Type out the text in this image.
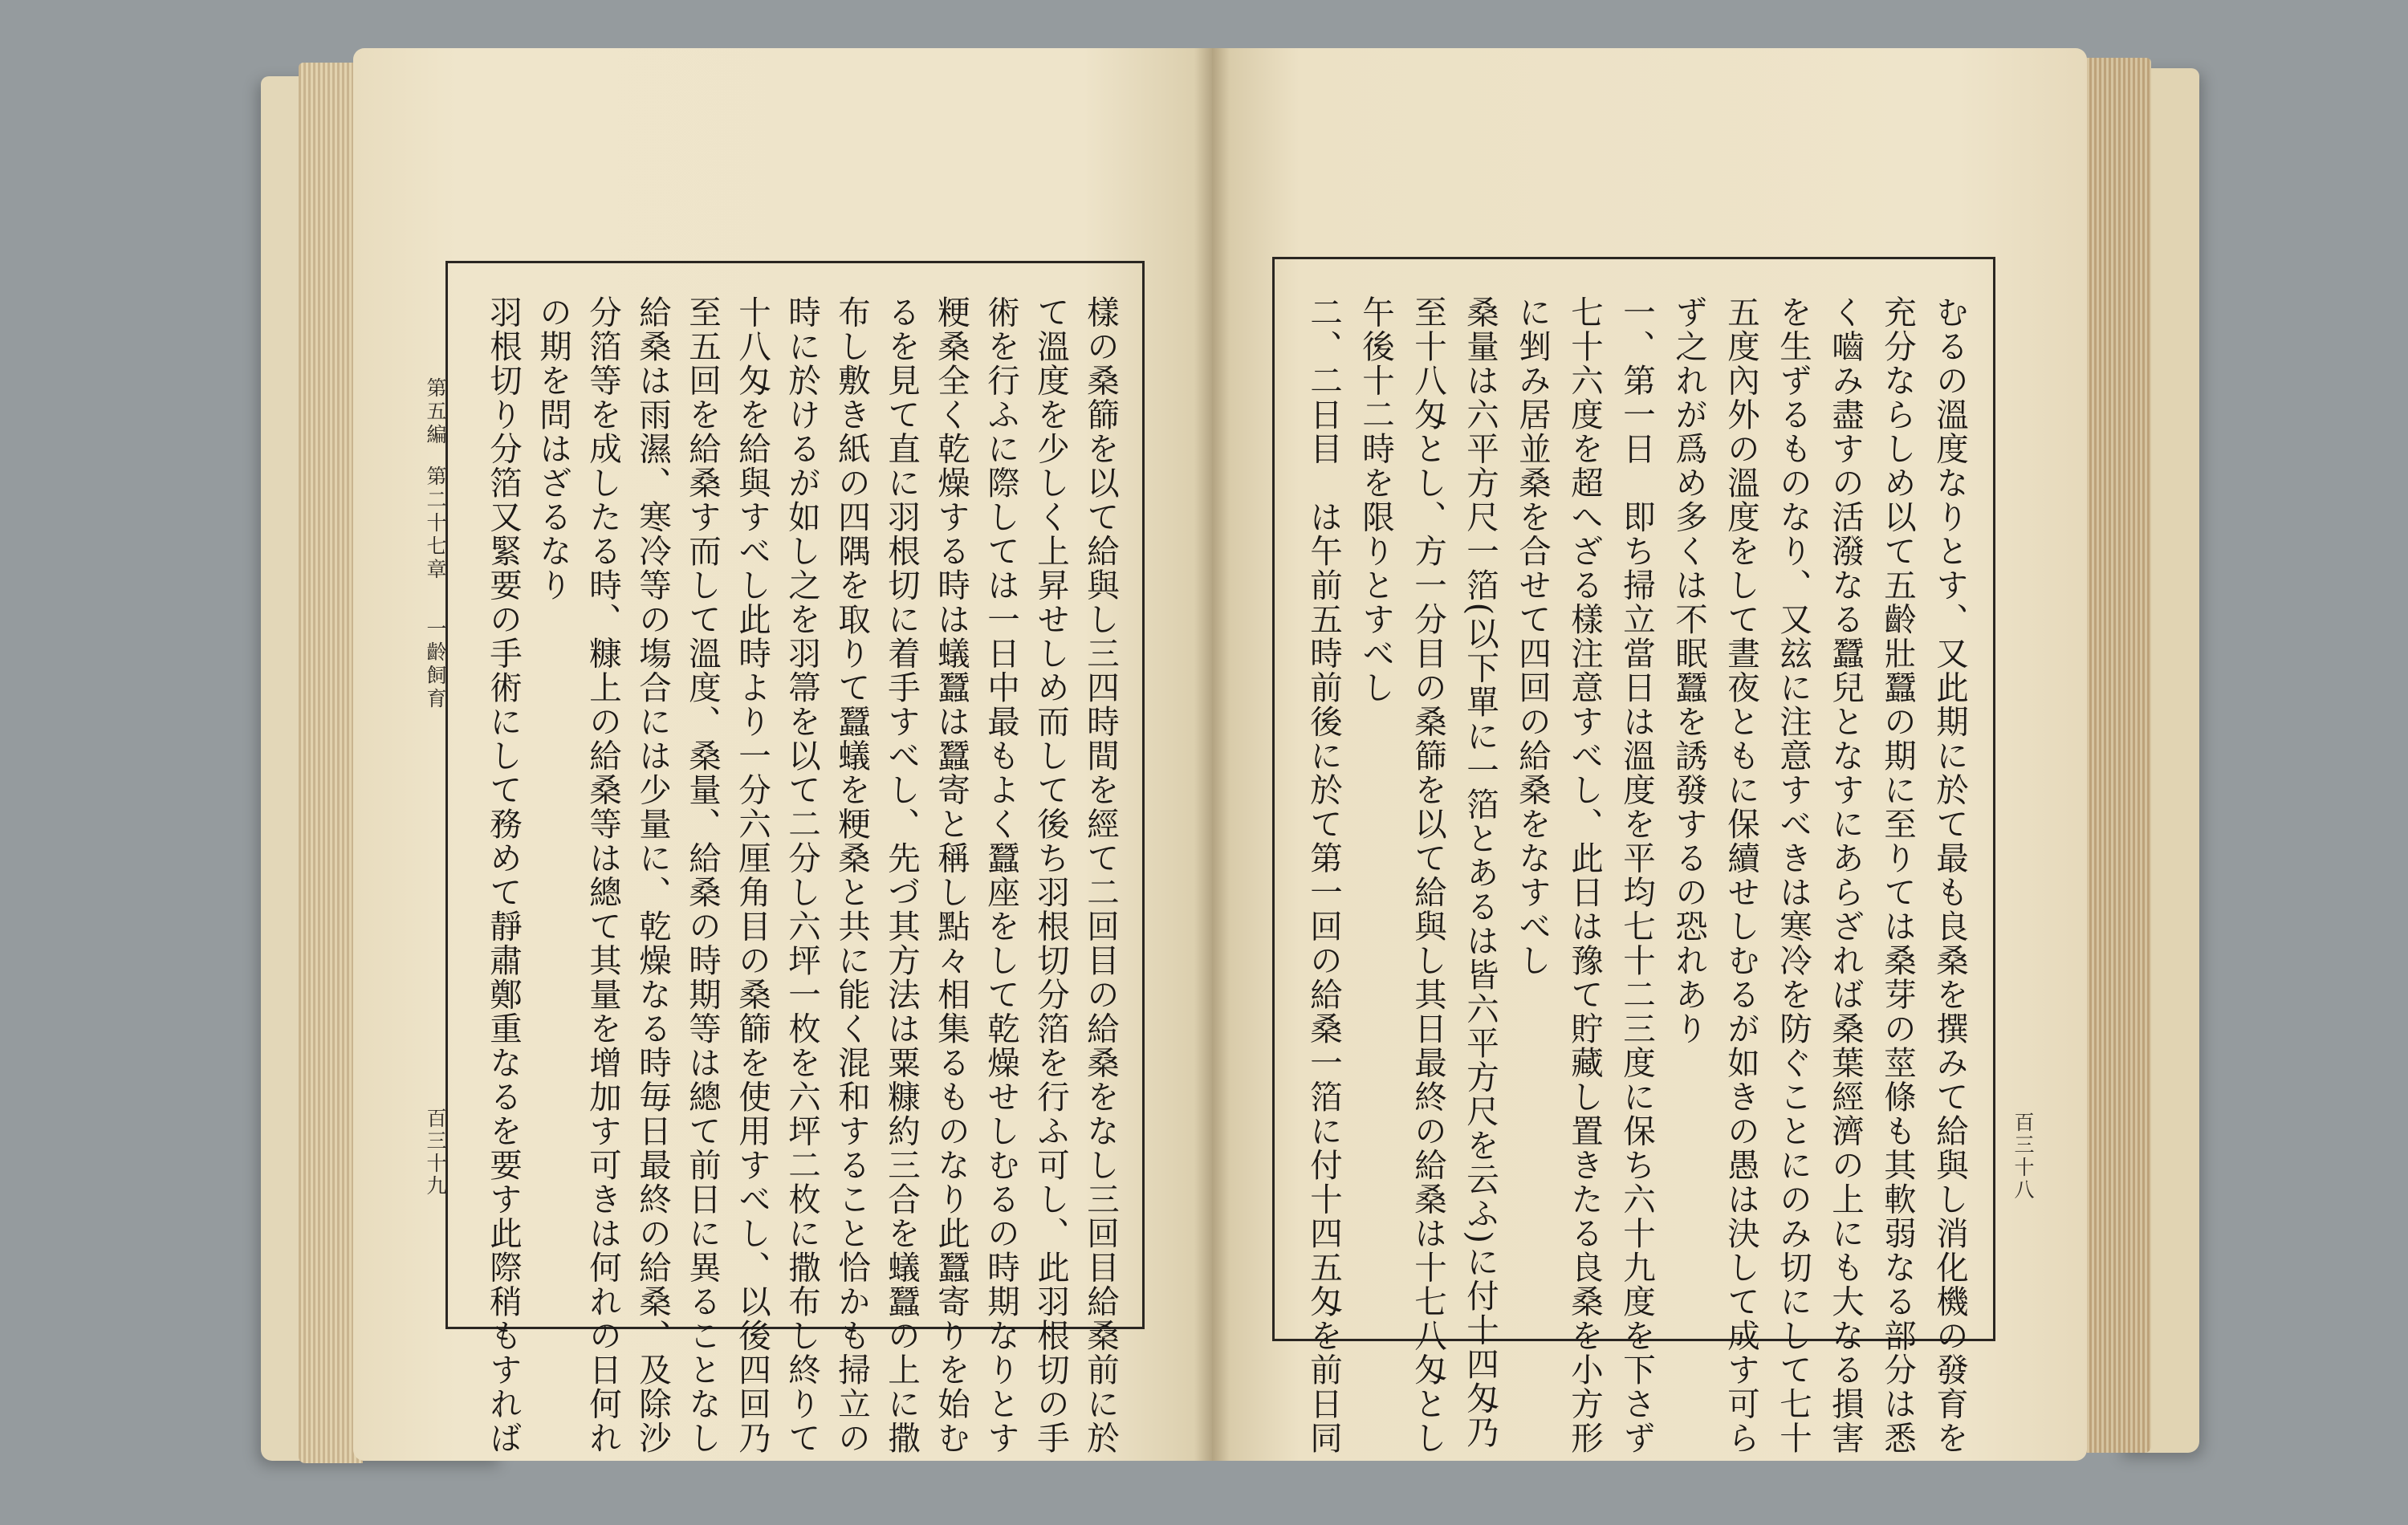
第五編
第二十七章
一齡飼育
百三十九	樣の桑篩を以て給與し三四時間を經て二回目の給桑をなし三回目給桑前に於
て溫度を少しく上昇せしめ而して後ち羽根切分箔を行ふ可し、此羽根切の手
術を行ふに際しては一日中最もよく蠶座をして乾燥せしむるの時期なりとす
粳桑全く乾燥する時は蟻蠶は蠶寄と稱し點々相集るものなり此蠶寄りを始む
るを見て直に羽根切に着手すべし、先づ其方法は粟糠約三合を蟻蠶の上に撒
布し敷き紙の四隅を取りて蠶蟻を粳桑と共に能く混和すること恰かも掃立の
時に於けるが如し之を羽箒を以て二分し六坪一枚を六坪二枚に撒布し終りて
十八匁を給與すべし此時より一分六厘角目の桑篩を使用すべし、以後四回乃
至五回を給桑す而して溫度、桑量、給桑の時期等は總て前日に異ることなし
給桑は雨濕、寒冷等の塲合には少量に、乾燥なる時毎日最終の給桑、及除沙
分箔等を成したる時、糠上の給桑等は總て其量を增加す可きは何れの日何れ
の期を問はざるなり
羽根切り分箔又緊要の手術にして務めて靜肅鄭重なるを要す此際稍もすれば	百三十八
むるの溫度なりとす、又此期に於て最も良桑を撰みて給與し消化機の發育を
充分ならしめ以て五齡壯蠶の期に至りては桑芽の莖條も其軟弱なる部分は悉
く嚙み盡すの活潑なる蠶兒となすにあらざれば桑葉經濟の上にも大なる損害
を生ずるものなり、又玆に注意すべきは寒冷を防ぐことにのみ切にして七十
五度內外の溫度をして晝夜ともに保續せしむるが如きの愚は決して成す可ら
ず之れが爲め多くは不眠蠶を誘發するの恐れあり
一、第一日　即ち掃立當日は溫度を平均七十二三度に保ち六十九度を下さず
七十六度を超へざる樣注意すべし、此日は豫て貯藏し置きたる良桑を小方形
に剉み居並桑を合せて四回の給桑をなすべし
桑量は六平方尺一箔(以下單に一箔とあるは皆六平方尺を云ふ)に付十四匁乃
至十八匁とし、方一分目の桑篩を以て給與し其日最終の給桑は十七八匁とし
午後十二時を限りとすべし
二、二日目　は午前五時前後に於て第一回の給桑一箔に付十四五匁を前日同
